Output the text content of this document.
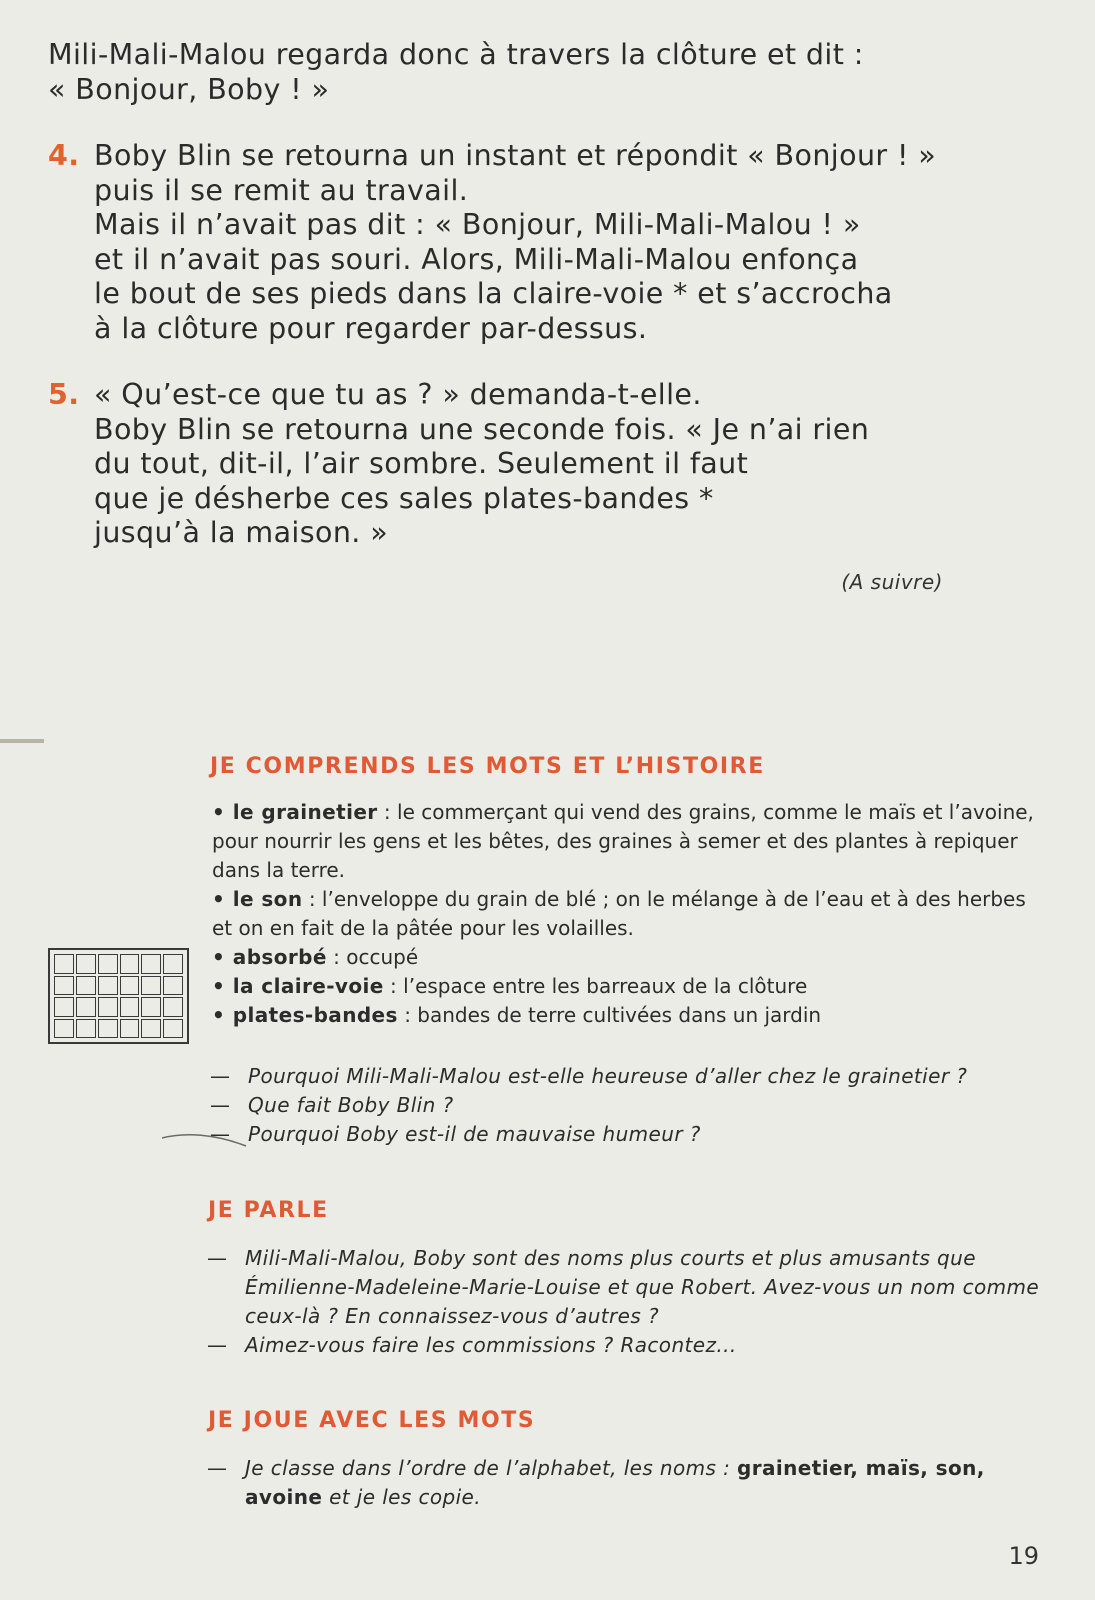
Mili-Mali-Malou regarda donc à travers la clôture et dit :
« Bonjour, Boby ! »

4. Boby Blin se retourna un instant et répondit « Bonjour ! »
puis il se remit au travail.
Mais il n’avait pas dit : « Bonjour, Mili-Mali-Malou ! »
et il n’avait pas souri. Alors, Mili-Mali-Malou enfonça
le bout de ses pieds dans la claire-voie * et s’accrocha
à la clôture pour regarder par-dessus.

5. « Qu’est-ce que tu as ? » demanda-t-elle.
Boby Blin se retourna une seconde fois. « Je n’ai rien
du tout, dit-il, l’air sombre. Seulement il faut
que je désherbe ces sales plates-bandes *
jusqu’à la maison. »

(A suivre)
JE COMPRENDS LES MOTS ET L’HISTOIRE

• le grainetier : le commerçant qui vend des grains, comme le maïs et l’avoine, pour nourrir les gens et les bêtes, des graines à semer et des plantes à repiquer dans la terre.

• le son : l’enveloppe du grain de blé ; on le mélange à de l’eau et à des herbes et on en fait de la pâtée pour les volailles.

• absorbé : occupé

• la claire-voie : l’espace entre les barreaux de la clôture

• plates-bandes : bandes de terre cultivées dans un jardin

— Pourquoi Mili-Mali-Malou est-elle heureuse d’aller chez le grainetier ?
— Que fait Boby Blin ?
— Pourquoi Boby est-il de mauvaise humeur ?
JE PARLE
— Mili-Mali-Malou, Boby sont des noms plus courts et plus amusants que Émilienne-Madeleine-Marie-Louise et que Robert. Avez-vous un nom comme ceux-là ? En connaissez-vous d’autres ?
— Aimez-vous faire les commissions ? Racontez...
JE JOUE AVEC LES MOTS
— Je classe dans l’ordre de l’alphabet, les noms : grainetier, maïs, son, avoine et je les copie.
19
